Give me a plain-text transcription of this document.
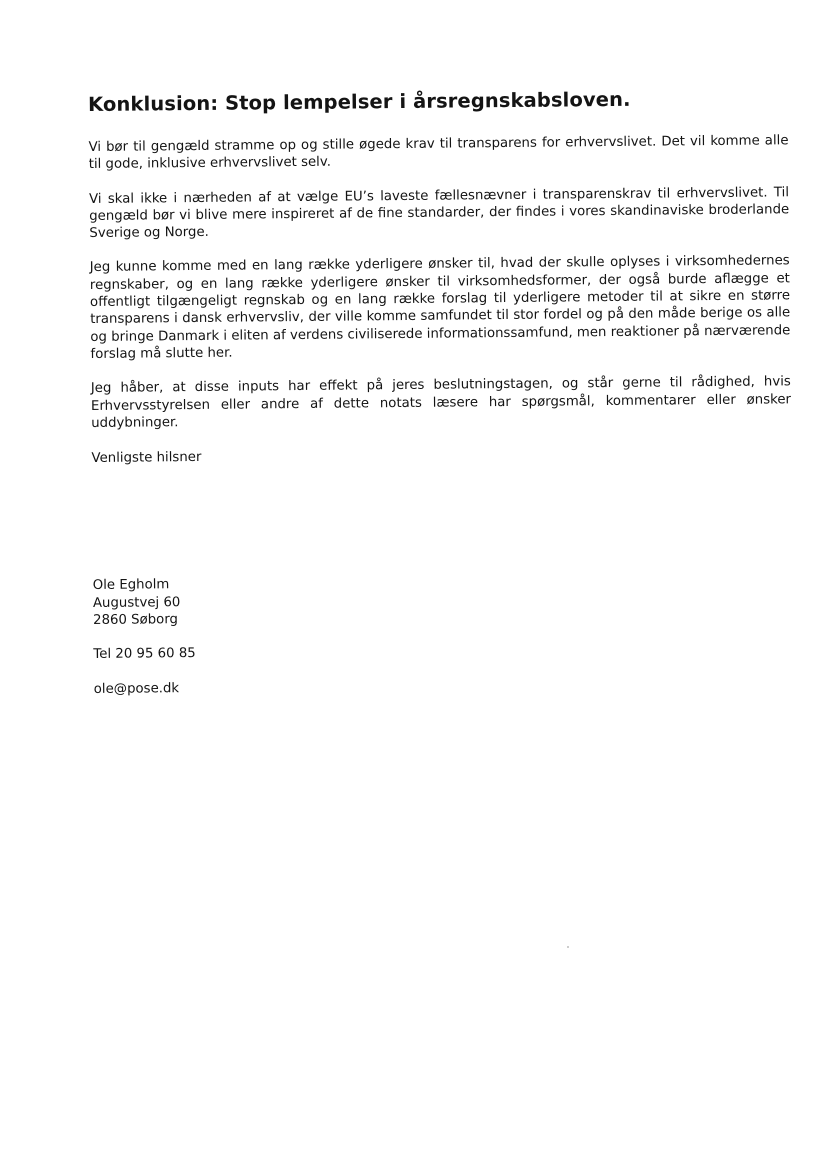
Konklusion: Stop lempelser i årsregnskabsloven.

Vi bør til gengæld stramme op og stille øgede krav til transparens for erhvervslivet. Det vil komme alle til gode, inklusive erhvervslivet selv.

Vi skal ikke i nærheden af at vælge EU’s laveste fællesnævner i transparenskrav til erhvervslivet. Til gengæld bør vi blive mere inspireret af de fine standarder, der findes i vores skandinaviske broderlande Sverige og Norge.

Jeg kunne komme med en lang række yderligere ønsker til, hvad der skulle oplyses i virksomhedernes regnskaber, og en lang række yderligere ønsker til virksomhedsformer, der også burde aflægge et offentligt tilgængeligt regnskab og en lang række forslag til yderligere metoder til at sikre en større transparens i dansk erhvervsliv, der ville komme samfundet til stor fordel og på den måde berige os alle og bringe Danmark i eliten af verdens civiliserede informationssamfund, men reaktioner på nærværende forslag må slutte her.

Jeg håber, at disse inputs har effekt på jeres beslutningstagen, og står gerne til rådighed, hvis Erhvervsstyrelsen eller andre af dette notats læsere har spørgsmål, kommentarer eller ønsker uddybninger.

Venligste hilsner
Ole Egholm
Augustvej 60
2860 Søborg
Tel 20 95 60 85
ole@pose.dk
